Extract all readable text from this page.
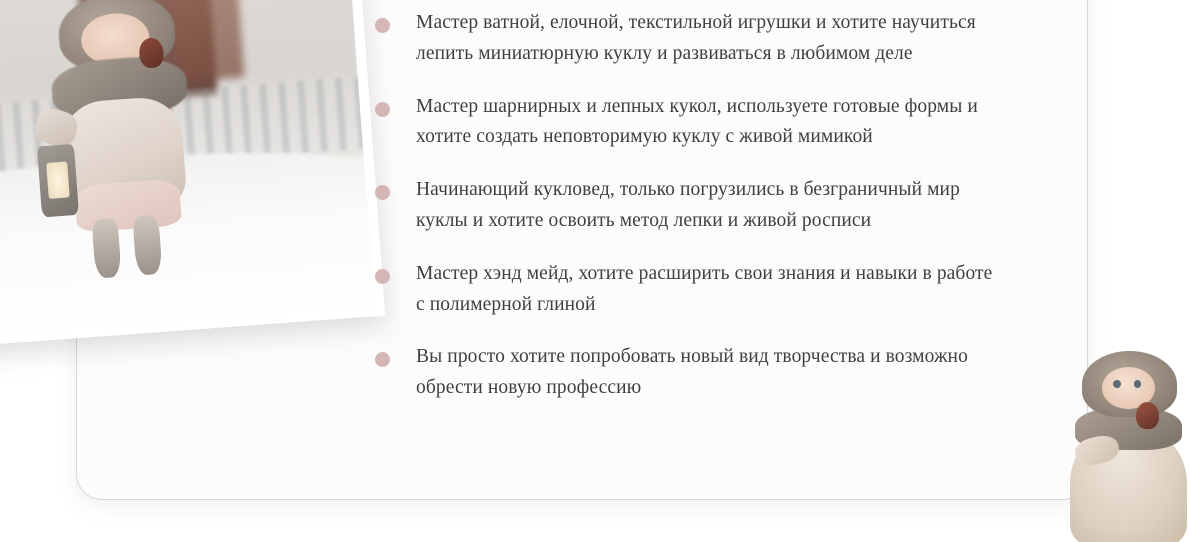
Мастер ватной, елочной, текстильной игрушки и хотите научиться лепить миниатюрную куклу и развиваться в любимом деле
Мастер шарнирных и лепных кукол, используете готовые формы и хотите создать неповторимую куклу с живой мимикой
Начинающий кукловед, только погрузились в безграничный мир куклы и хотите освоить метод лепки и живой росписи
Мастер хэнд мейд, хотите расширить свои знания и навыки в работе с полимерной глиной
Вы просто хотите попробовать новый вид творчества и возможно обрести новую профессию
